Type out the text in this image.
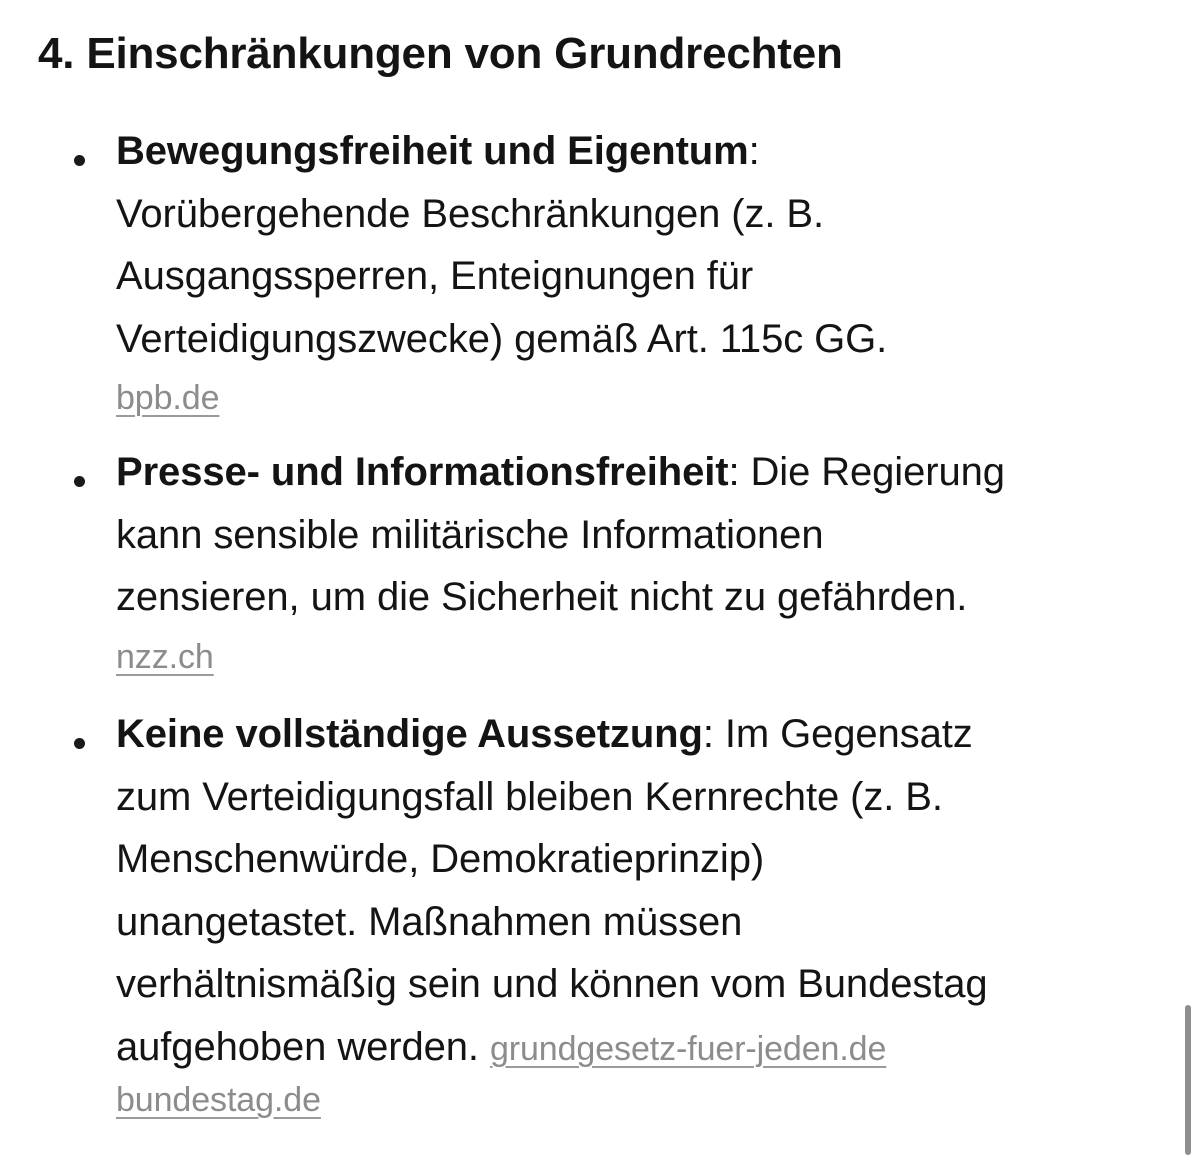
4. Einschränkungen von Grundrechten
Bewegungsfreiheit und Eigentum:
Vorübergehende Beschränkungen (z. B.
Ausgangssperren, Enteignungen für
Verteidigungszwecke) gemäß Art. 115c GG.
bpb.de
Presse- und Informationsfreiheit: Die Regierung
kann sensible militärische Informationen
zensieren, um die Sicherheit nicht zu gefährden.
nzz.ch
Keine vollständige Aussetzung: Im Gegensatz
zum Verteidigungsfall bleiben Kernrechte (z. B.
Menschenwürde, Demokratieprinzip)
unangetastet. Maßnahmen müssen
verhältnismäßig sein und können vom Bundestag
aufgehoben werden. grundgesetz-fuer-jeden.de
bundestag.de
